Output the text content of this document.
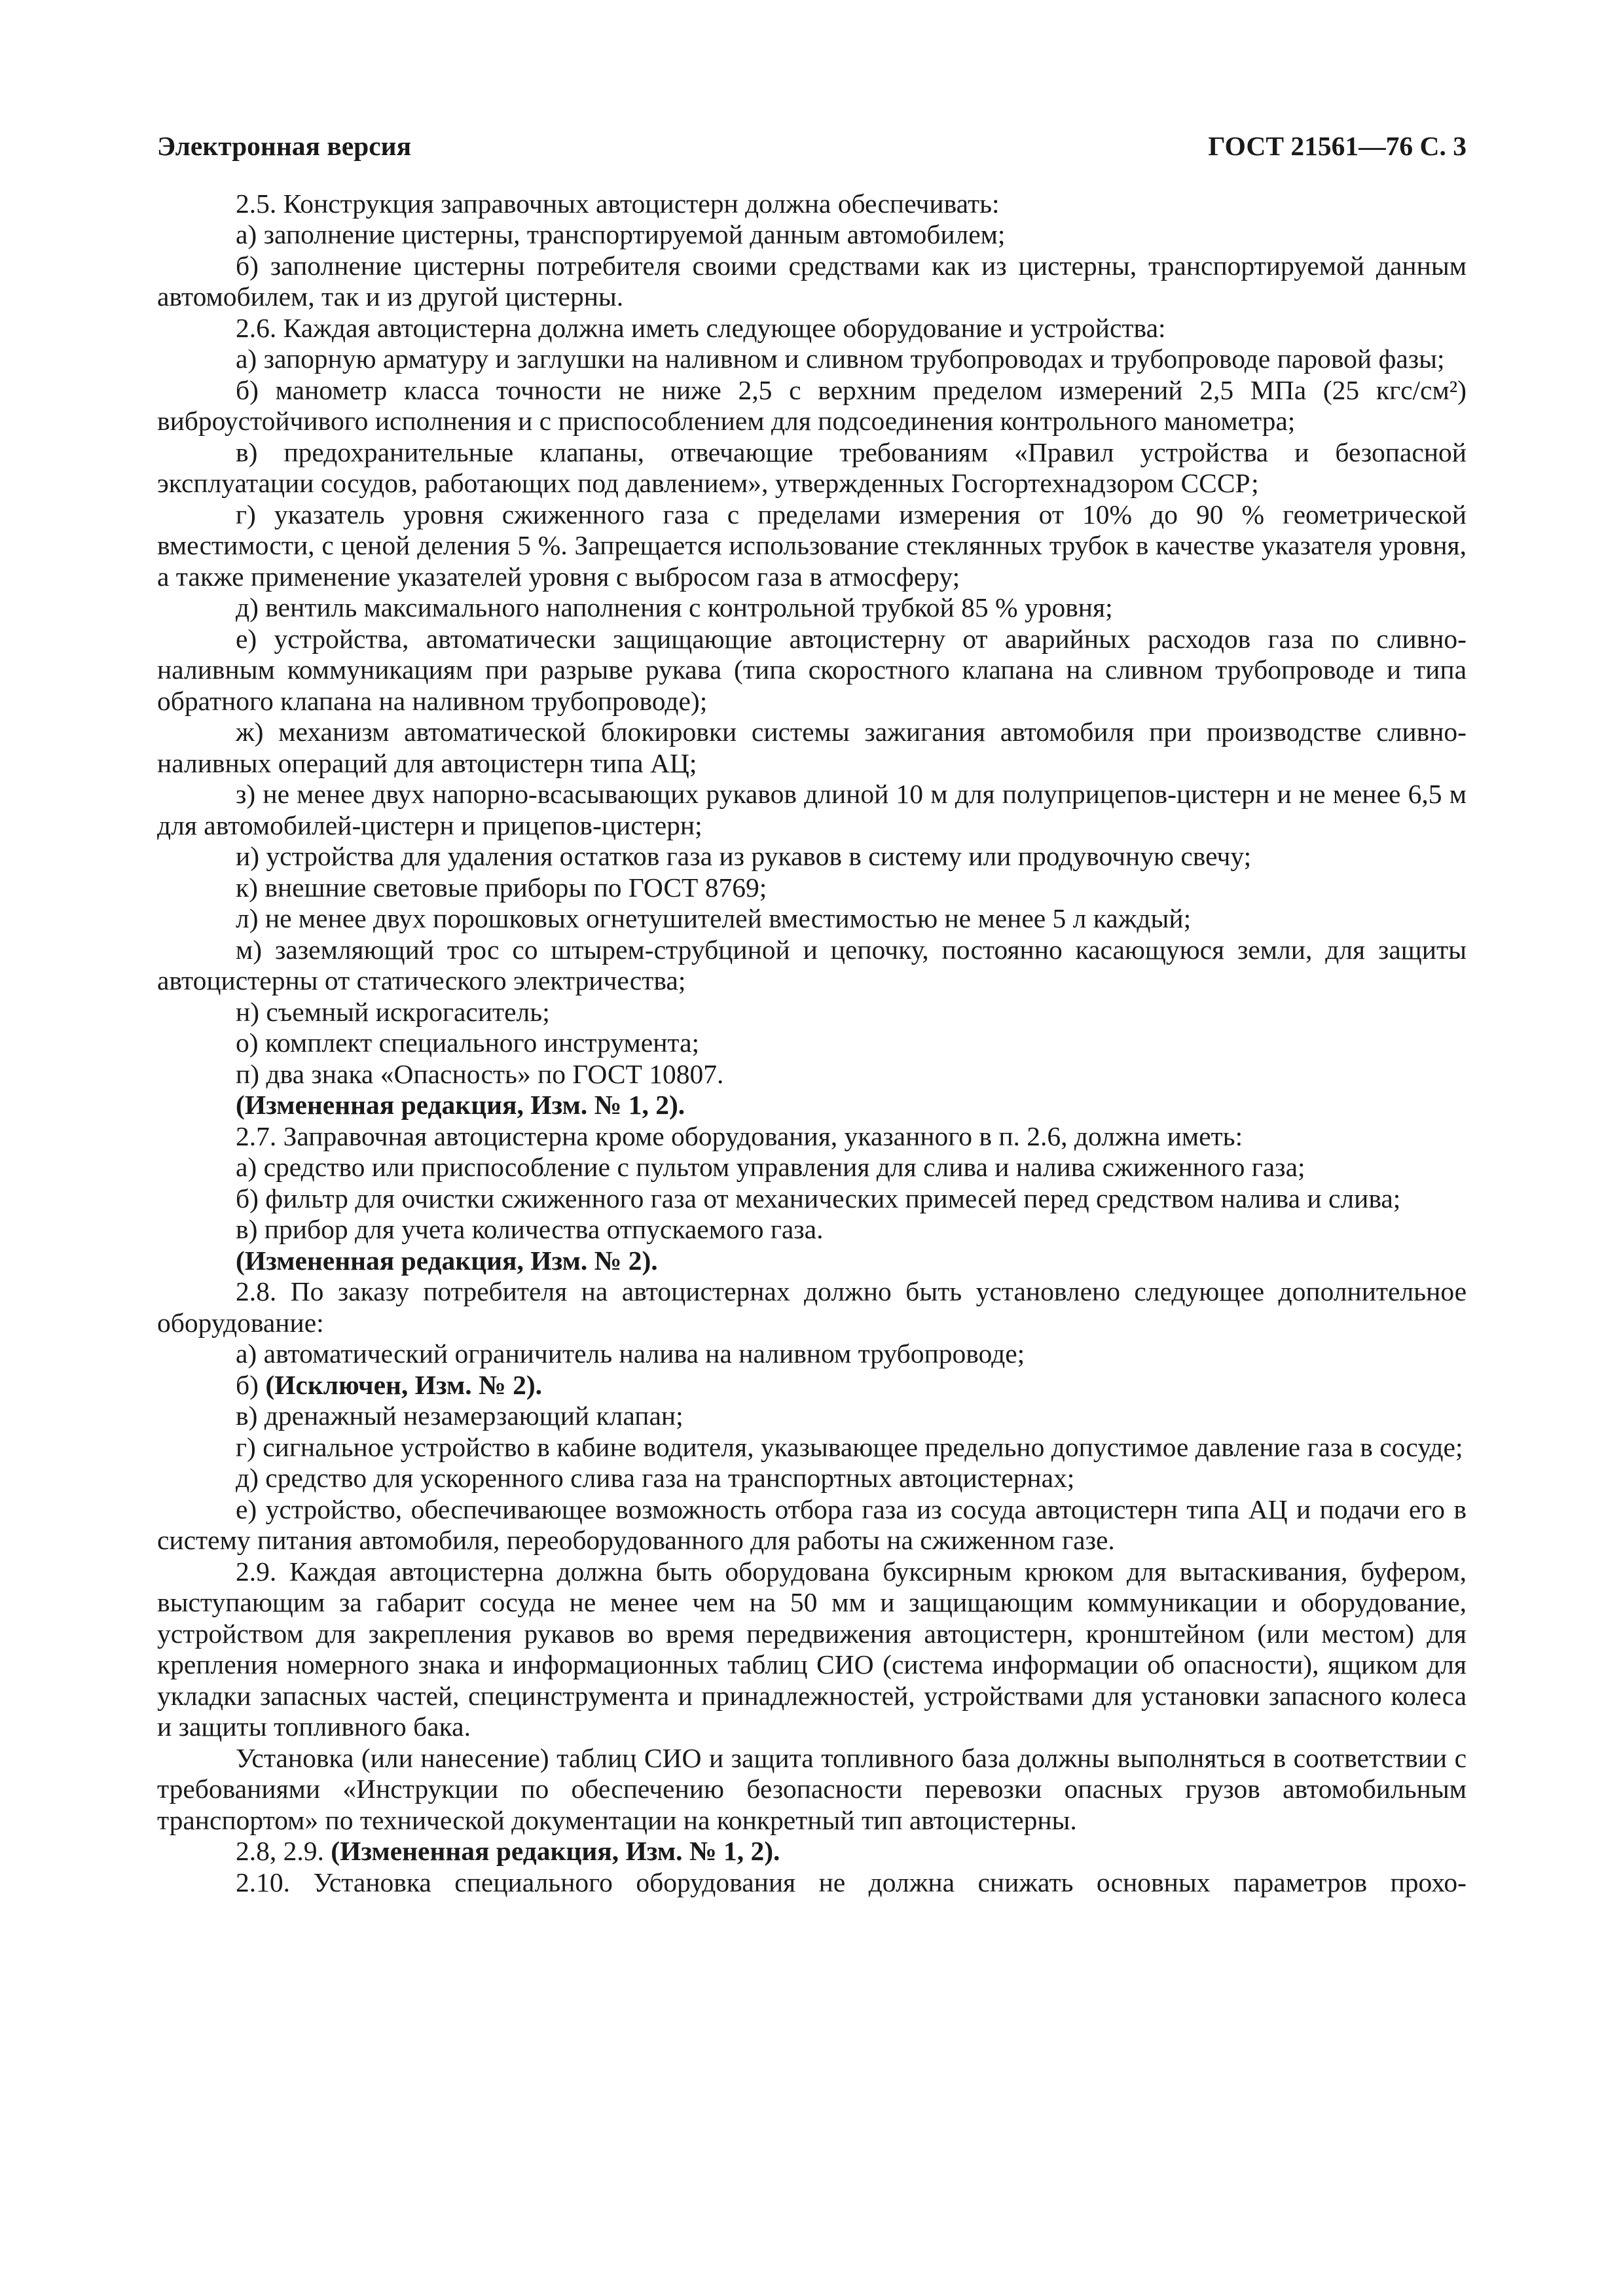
Электронная версия	ГОСТ 21561—76 С. 3

2.5. Конструкция заправочных автоцистерн должна обеспечивать:

а) заполнение цистерны, транспортируемой данным автомобилем;

б) заполнение цистерны потребителя своими средствами как из цистерны, транспортируемой данным автомобилем, так и из другой цистерны.

2.6. Каждая автоцистерна должна иметь следующее оборудование и устройства:

а) запорную арматуру и заглушки на наливном и сливном трубопроводах и трубопроводе паровой фазы;

б) манометр класса точности не ниже 2,5 с верхним пределом измерений 2,5 МПа (25 кгс/см²) виброустойчивого исполнения и с приспособлением для подсоединения контрольного манометра;

в) предохранительные клапаны, отвечающие требованиям «Правил устройства и безопасной эксплуатации сосудов, работающих под давлением», утвержденных Госгортехнадзором СССР;

г) указатель уровня сжиженного газа с пределами измерения от 10% до 90 % геометрической вместимости, с ценой деления 5 %. Запрещается использование стеклянных трубок в качестве указателя уровня, а также применение указателей уровня с выбросом газа в атмосферу;

д) вентиль максимального наполнения с контрольной трубкой 85 % уровня;

е) устройства, автоматически защищающие автоцистерну от аварийных расходов газа по сливно-наливным коммуникациям при разрыве рукава (типа скоростного клапана на сливном трубопроводе и типа обратного клапана на наливном трубопроводе);

ж) механизм автоматической блокировки системы зажигания автомобиля при производстве сливно-наливных операций для автоцистерн типа АЦ;

з) не менее двух напорно-всасывающих рукавов длиной 10 м для полуприцепов-цистерн и не менее 6,5 м для автомобилей-цистерн и прицепов-цистерн;

и) устройства для удаления остатков газа из рукавов в систему или продувочную свечу;

к) внешние световые приборы по ГОСТ 8769;

л) не менее двух порошковых огнетушителей вместимостью не менее 5 л каждый;

м) заземляющий трос со штырем-струбциной и цепочку, постоянно касающуюся земли, для защиты автоцистерны от статического электричества;

н) съемный искрогаситель;

о) комплект специального инструмента;

п) два знака «Опасность» по ГОСТ 10807.

(Измененная редакция, Изм. № 1, 2).

2.7. Заправочная автоцистерна кроме оборудования, указанного в п. 2.6, должна иметь:

а) средство или приспособление с пультом управления для слива и налива сжиженного газа;

б) фильтр для очистки сжиженного газа от механических примесей перед средством налива и слива;

в) прибор для учета количества отпускаемого газа.

(Измененная редакция, Изм. № 2).

2.8. По заказу потребителя на автоцистернах должно быть установлено следующее дополнительное оборудование:

а) автоматический ограничитель налива на наливном трубопроводе;

б) (Исключен, Изм. № 2).

в) дренажный незамерзающий клапан;

г) сигнальное устройство в кабине водителя, указывающее предельно допустимое давление газа в сосуде;

д) средство для ускоренного слива газа на транспортных автоцистернах;

е) устройство, обеспечивающее возможность отбора газа из сосуда автоцистерн типа АЦ и подачи его в систему питания автомобиля, переоборудованного для работы на сжиженном газе.

2.9. Каждая автоцистерна должна быть оборудована буксирным крюком для вытаскивания, буфером, выступающим за габарит сосуда не менее чем на 50 мм и защищающим коммуникации и оборудование, устройством для закрепления рукавов во время передвижения автоцистерн, кронштейном (или местом) для крепления номерного знака и информационных таблиц СИО (система информации об опасности), ящиком для укладки запасных частей, специнструмента и принадлежностей, устройствами для установки запасного колеса и защиты топливного бака.

Установка (или нанесение) таблиц СИО и защита топливного база должны выполняться в соответствии с требованиями «Инструкции по обеспечению безопасности перевозки опасных грузов автомобильным транспортом» по технической документации на конкретный тип автоцистерны.

2.8, 2.9. (Измененная редакция, Изм. № 1, 2).

2.10. Установка специального оборудования не должна снижать основных параметров прохо-
